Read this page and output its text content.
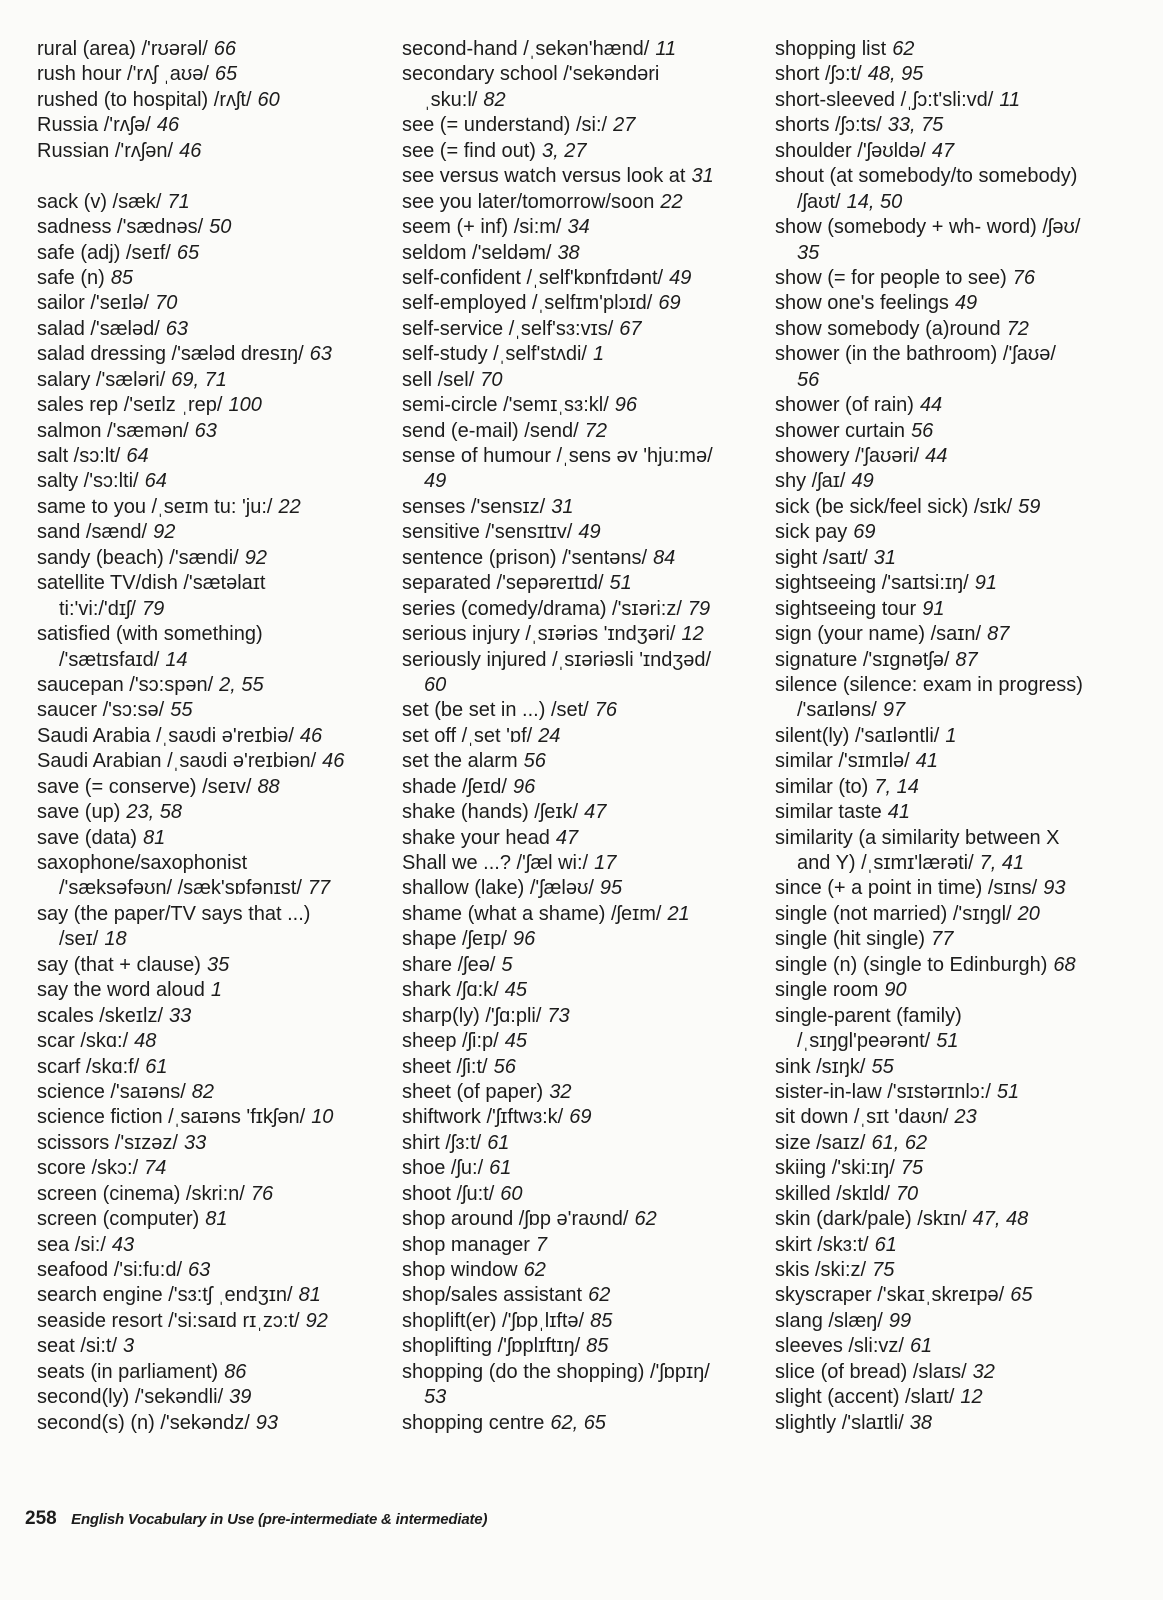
rural (area) /'rʊərəl/ 66
rush hour /'rʌʃ ˌaʊə/ 65
rushed (to hospital) /rʌʃt/ 60
Russia /'rʌʃə/ 46
Russian /'rʌʃən/ 46
sack (v) /sæk/ 71
sadness /'sædnəs/ 50
safe (adj) /seɪf/ 65
safe (n) 85
sailor /'seɪlə/ 70
salad /'sæləd/ 63
salad dressing /'sæləd dresɪŋ/ 63
salary /'sæləri/ 69, 71
sales rep /'seɪlz ˌrep/ 100
salmon /'sæmən/ 63
salt /sɔ:lt/ 64
salty /'sɔ:lti/ 64
same to you /ˌseɪm tu: 'ju:/ 22
sand /sænd/ 92
sandy (beach) /'sændi/ 92
satellite TV/dish /'sætəlaɪt
ti:'vi:/'dɪʃ/ 79
satisfied (with something)
/'sætɪsfaɪd/ 14
saucepan /'sɔ:spən/ 2, 55
saucer /'sɔ:sə/ 55
Saudi Arabia /ˌsaʊdi ə'reɪbiə/ 46
Saudi Arabian /ˌsaʊdi ə'reɪbiən/ 46
save (= conserve) /seɪv/ 88
save (up) 23, 58
save (data) 81
saxophone/saxophonist
/'sæksəfəʊn/ /sæk'sɒfənɪst/ 77
say (the paper/TV says that ...)
/seɪ/ 18
say (that + clause) 35
say the word aloud 1
scales /skeɪlz/ 33
scar /skɑ:/ 48
scarf /skɑ:f/ 61
science /'saɪəns/ 82
science fiction /ˌsaɪəns 'fɪkʃən/ 10
scissors /'sɪzəz/ 33
score /skɔ:/ 74
screen (cinema) /skri:n/ 76
screen (computer) 81
sea /si:/ 43
seafood /'si:fu:d/ 63
search engine /'sɜ:tʃ ˌendʒɪn/ 81
seaside resort /'si:saɪd rɪˌzɔ:t/ 92
seat /si:t/ 3
seats (in parliament) 86
second(ly) /'sekəndli/ 39
second(s) (n) /'sekəndz/ 93
second-hand /ˌsekən'hænd/ 11
secondary school /'sekəndəri
ˌsku:l/ 82
see (= understand) /si:/ 27
see (= find out) 3, 27
see versus watch versus look at 31
see you later/tomorrow/soon 22
seem (+ inf) /si:m/ 34
seldom /'seldəm/ 38
self-confident /ˌself'kɒnfɪdənt/ 49
self-employed /ˌselfɪm'plɔɪd/ 69
self-service /ˌself'sɜ:vɪs/ 67
self-study /ˌself'stʌdi/ 1
sell /sel/ 70
semi-circle /'semɪˌsɜ:kl/ 96
send (e-mail) /send/ 72
sense of humour /ˌsens əv 'hju:mə/
49
senses /'sensɪz/ 31
sensitive /'sensɪtɪv/ 49
sentence (prison) /'sentəns/ 84
separated /'sepəreɪtɪd/ 51
series (comedy/drama) /'sɪəri:z/ 79
serious injury /ˌsɪəriəs 'ɪndʒəri/ 12
seriously injured /ˌsɪəriəsli 'ɪndʒəd/
60
set (be set in ...) /set/ 76
set off /ˌset 'ɒf/ 24
set the alarm 56
shade /ʃeɪd/ 96
shake (hands) /ʃeɪk/ 47
shake your head 47
Shall we ...? /'ʃæl wi:/ 17
shallow (lake) /'ʃæləʊ/ 95
shame (what a shame) /ʃeɪm/ 21
shape /ʃeɪp/ 96
share /ʃeə/ 5
shark /ʃɑ:k/ 45
sharp(ly) /'ʃɑ:pli/ 73
sheep /ʃi:p/ 45
sheet /ʃi:t/ 56
sheet (of paper) 32
shiftwork /'ʃɪftwɜ:k/ 69
shirt /ʃɜ:t/ 61
shoe /ʃu:/ 61
shoot /ʃu:t/ 60
shop around /ʃɒp ə'raʊnd/ 62
shop manager 7
shop window 62
shop/sales assistant 62
shoplift(er) /'ʃɒpˌlɪftə/ 85
shoplifting /'ʃɒplɪftɪŋ/ 85
shopping (do the shopping) /'ʃɒpɪŋ/
53
shopping centre 62, 65
shopping list 62
short /ʃɔ:t/ 48, 95
short-sleeved /ˌʃɔ:t'sli:vd/ 11
shorts /ʃɔ:ts/ 33, 75
shoulder /'ʃəʊldə/ 47
shout (at somebody/to somebody)
/ʃaʊt/ 14, 50
show (somebody + wh- word) /ʃəʊ/
35
show (= for people to see) 76
show one's feelings 49
show somebody (a)round 72
shower (in the bathroom) /'ʃaʊə/
56
shower (of rain) 44
shower curtain 56
showery /'ʃaʊəri/ 44
shy /ʃaɪ/ 49
sick (be sick/feel sick) /sɪk/ 59
sick pay 69
sight /saɪt/ 31
sightseeing /'saɪtsi:ɪŋ/ 91
sightseeing tour 91
sign (your name) /saɪn/ 87
signature /'sɪgnətʃə/ 87
silence (silence: exam in progress)
/'saɪləns/ 97
silent(ly) /'saɪləntli/ 1
similar /'sɪmɪlə/ 41
similar (to) 7, 14
similar taste 41
similarity (a similarity between X
and Y) /ˌsɪmɪ'lærəti/ 7, 41
since (+ a point in time) /sɪns/ 93
single (not married) /'sɪŋgl/ 20
single (hit single) 77
single (n) (single to Edinburgh) 68
single room 90
single-parent (family)
/ˌsɪŋgl'peərənt/ 51
sink /sɪŋk/ 55
sister-in-law /'sɪstərɪnlɔ:/ 51
sit down /ˌsɪt 'daʊn/ 23
size /saɪz/ 61, 62
skiing /'ski:ɪŋ/ 75
skilled /skɪld/ 70
skin (dark/pale) /skɪn/ 47, 48
skirt /skɜ:t/ 61
skis /ski:z/ 75
skyscraper /'skaɪˌskreɪpə/ 65
slang /slæŋ/ 99
sleeves /sli:vz/ 61
slice (of bread) /slaɪs/ 32
slight (accent) /slaɪt/ 12
slightly /'slaɪtli/ 38
258 English Vocabulary in Use (pre-intermediate & intermediate)
